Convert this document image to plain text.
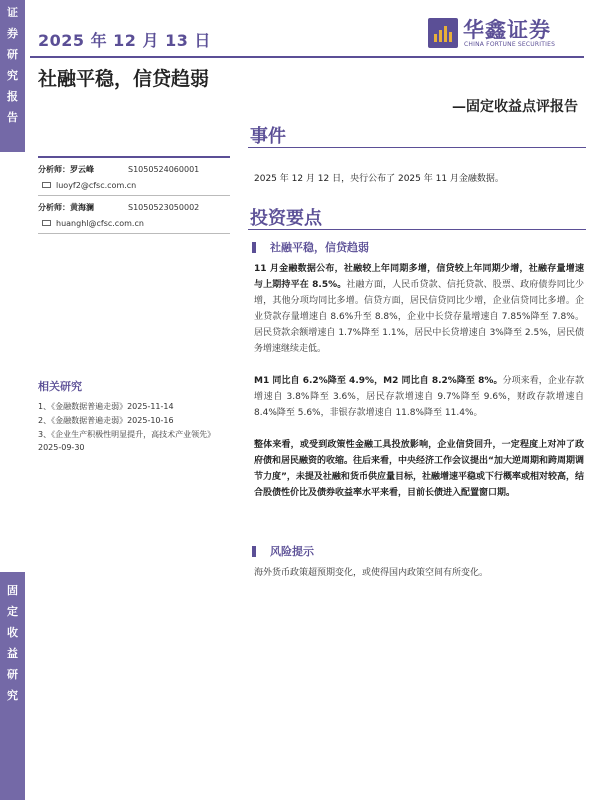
证
券
研
究
报
告
固
定
收
益
研
究
2025 年 12 月 13 日	华鑫证券
CHINA FORTUNE SECURITIES
社融平稳，信贷趋弱
—固定收益点评报告
分析师：罗云峰	S1050524060001
luoyf2@cfsc.com.cn
分析师：黄海澜	S1050523050002
huanghl@cfsc.com.cn
相关研究
1、《金融数据普遍走弱》2025-11-14
2、《金融数据普遍走弱》2025-10-16
3、《企业生产积极性明显提升，高技术产业领先》2025-09-30
事件
2025 年 12 月 12 日，央行公布了 2025 年 11 月金融数据。
投资要点
社融平稳，信贷趋弱
11 月金融数据公布，社融较上年同期多增，信贷较上年同期少增，社融存量增速与上期持平在 8.5%。社融方面，人民币贷款、信托贷款、股票、政府债券同比少增，其他分项均同比多增。信贷方面，居民信贷同比少增，企业信贷同比多增。企业贷款存量增速自 8.6%升至 8.8%，企业中长贷存量增速自 7.85%降至 7.8%。居民贷款余额增速自 1.7%降至 1.1%，居民中长贷增速自 3%降至 2.5%，居民债务增速继续走低。
M1 同比自 6.2%降至 4.9%，M2 同比自 8.2%降至 8%。分项来看，企业存款增速自 3.8%降至 3.6%，居民存款增速自 9.7%降至 9.6%，财政存款增速自 8.4%降至 5.6%，非银存款增速自 11.8%降至 11.4%。
整体来看，或受到政策性金融工具投放影响，企业信贷回升，一定程度上对冲了政府债和居民融资的收缩。往后来看，中央经济工作会议提出“加大逆周期和跨周期调节力度”，未提及社融和货币供应量目标，社融增速平稳或下行概率或相对较高，结合股债性价比及债券收益率水平来看，目前长债进入配置窗口期。
风险提示
海外货币政策超预期变化，或使得国内政策空间有所变化。
